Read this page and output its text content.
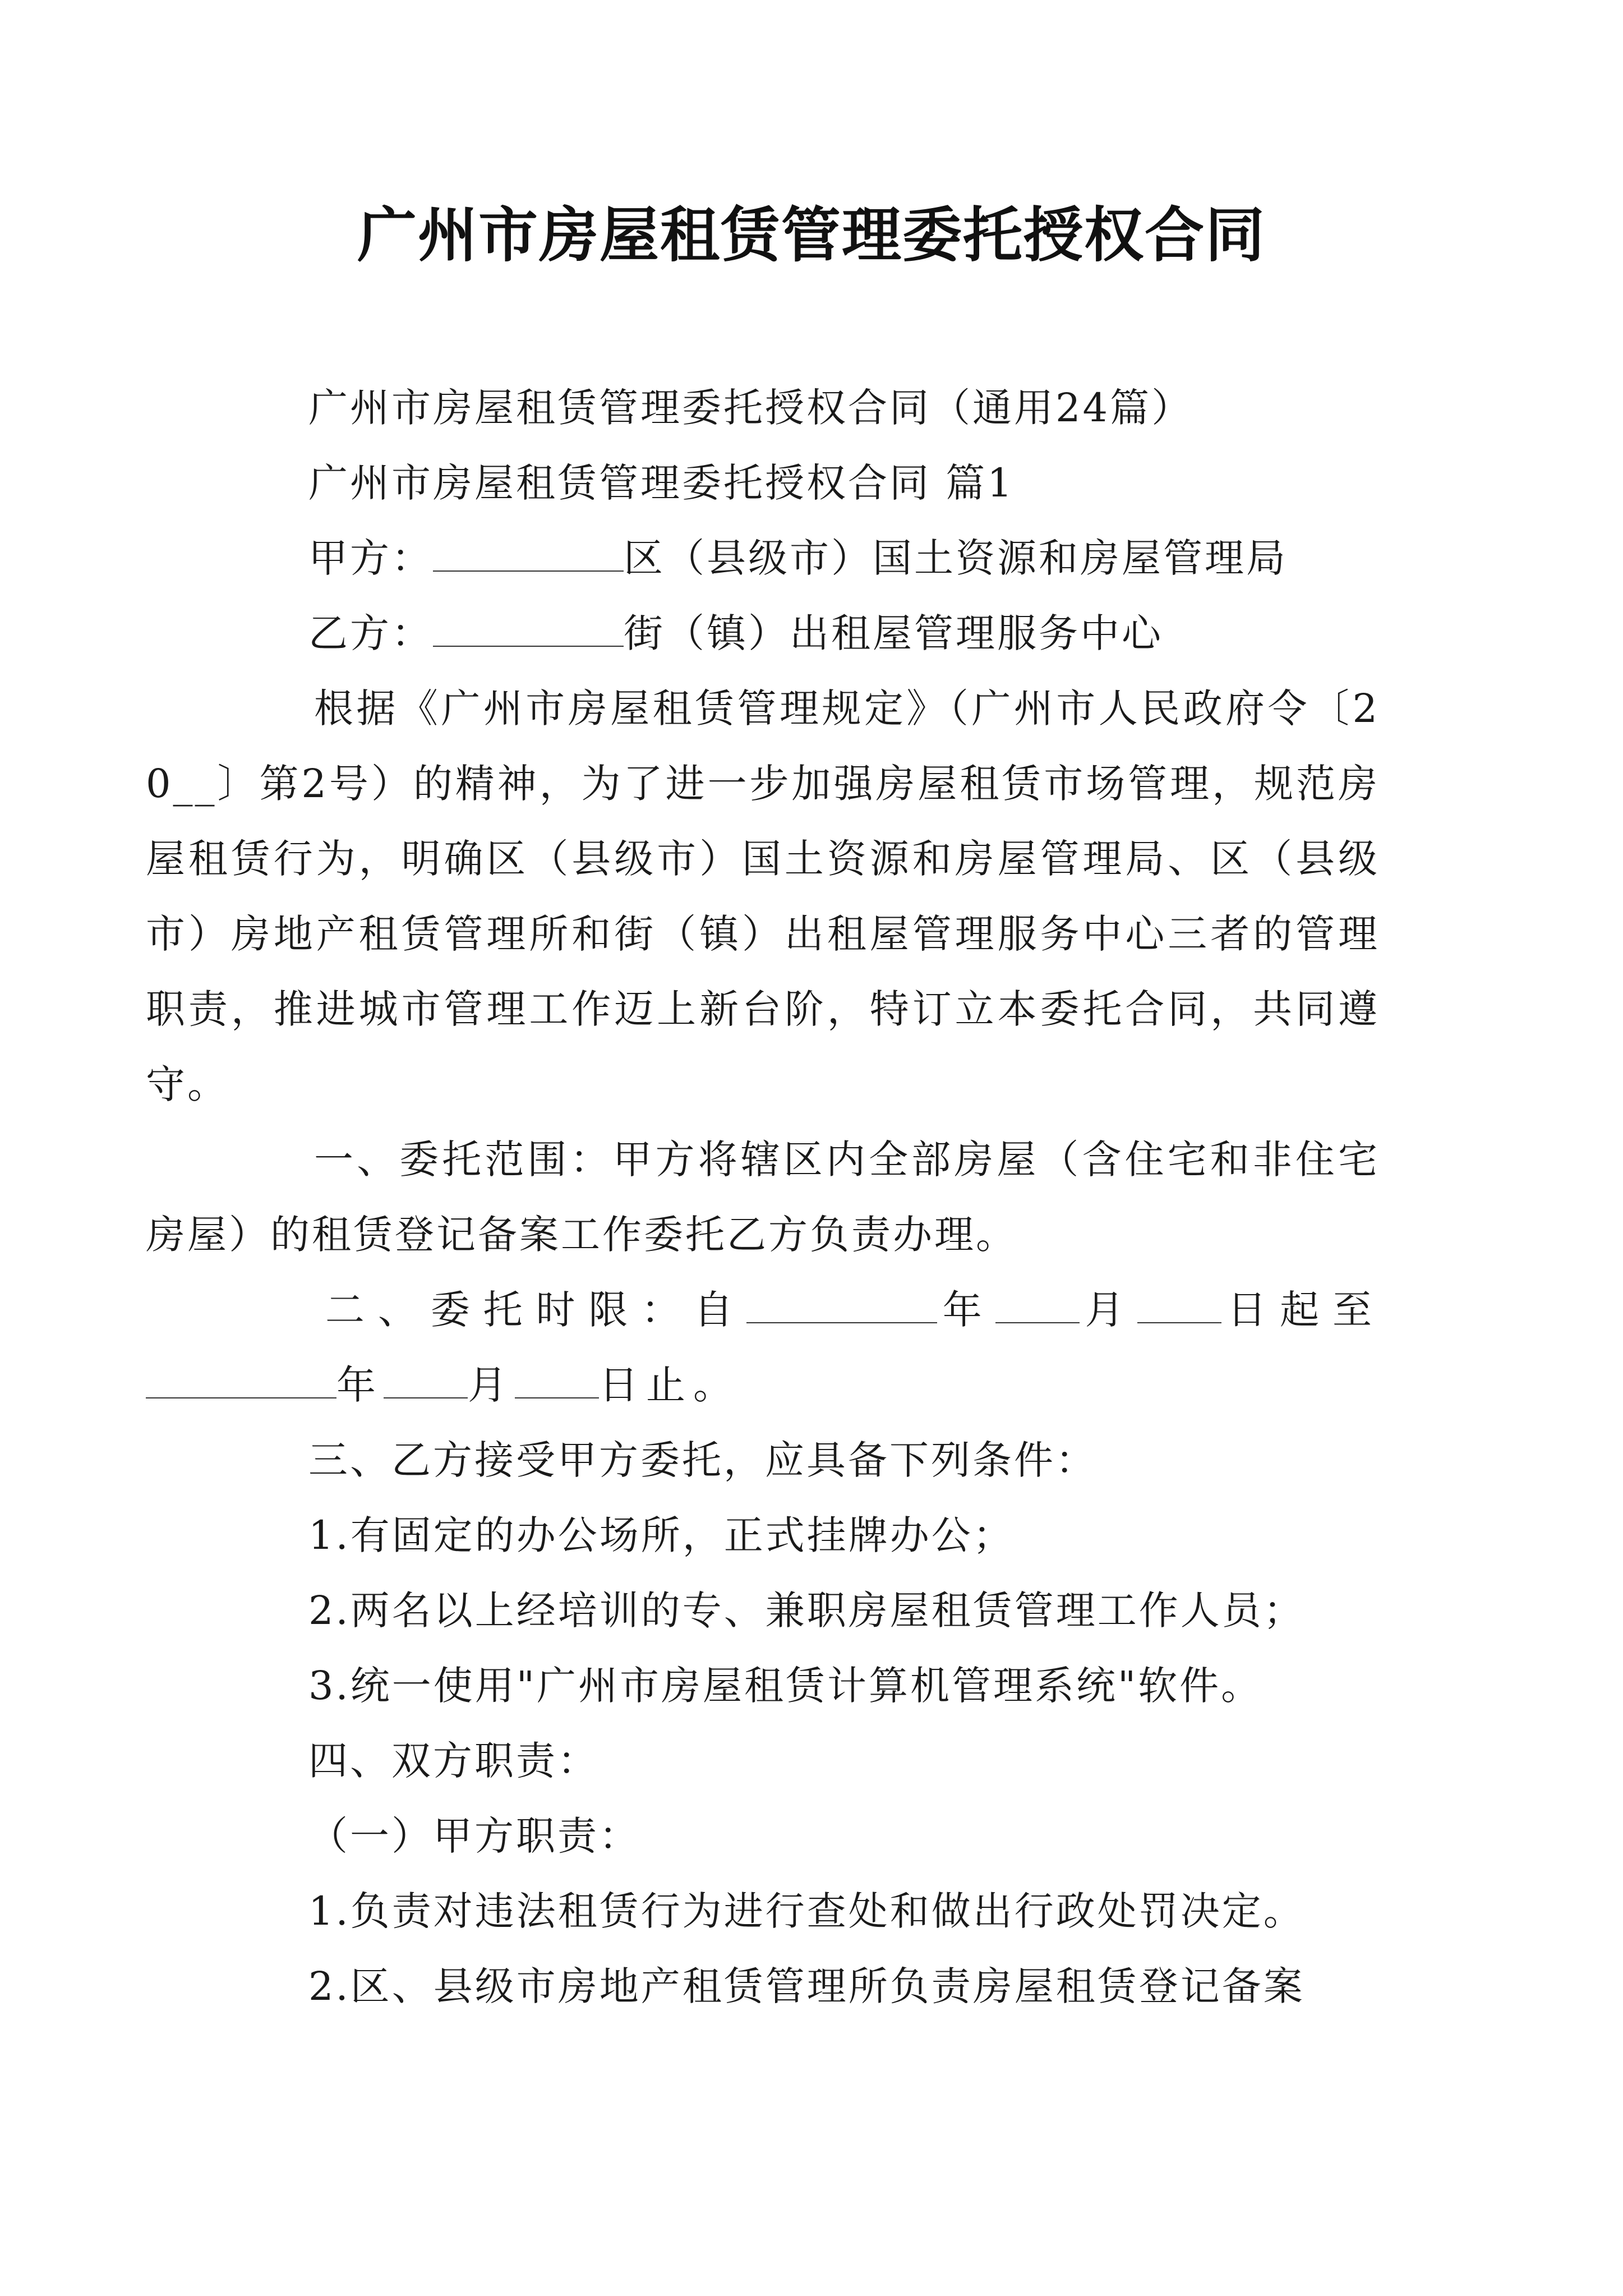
广州市房屋租赁管理委托授权合同

广州市房屋租赁管理委托授权合同（通用24篇）

广州市房屋租赁管理委托授权合同 篇1

甲方：	区（县级市）国土资源和房屋管理局

乙方：	街（镇）出租屋管理服务中心

根据《广州市房屋租赁管理规定》（广州市人民政府令〔20__〕第2号）的精神，为了进一步加强房屋租赁市场管理，规范房屋租赁行为，明确区（县级市）国土资源和房屋管理局、区（县级市）房地产租赁管理所和街（镇）出租屋管理服务中心三者的管理职责，推进城市管理工作迈上新台阶，特订立本委托合同，共同遵守。

一、委托范围：甲方将辖区内全部房屋（含住宅和非住宅房屋）的租赁登记备案工作委托乙方负责办理。

二、委托时限：自	年 月 日起至年 月 日止。

三、乙方接受甲方委托，应具备下列条件：

1.有固定的办公场所，正式挂牌办公；

2.两名以上经培训的专、兼职房屋租赁管理工作人员；

3.统一使用"广州市房屋租赁计算机管理系统"软件。

四、双方职责：

（一）甲方职责：

1.负责对违法租赁行为进行查处和做出行政处罚决定。

2.区、县级市房地产租赁管理所负责房屋租赁登记备案
